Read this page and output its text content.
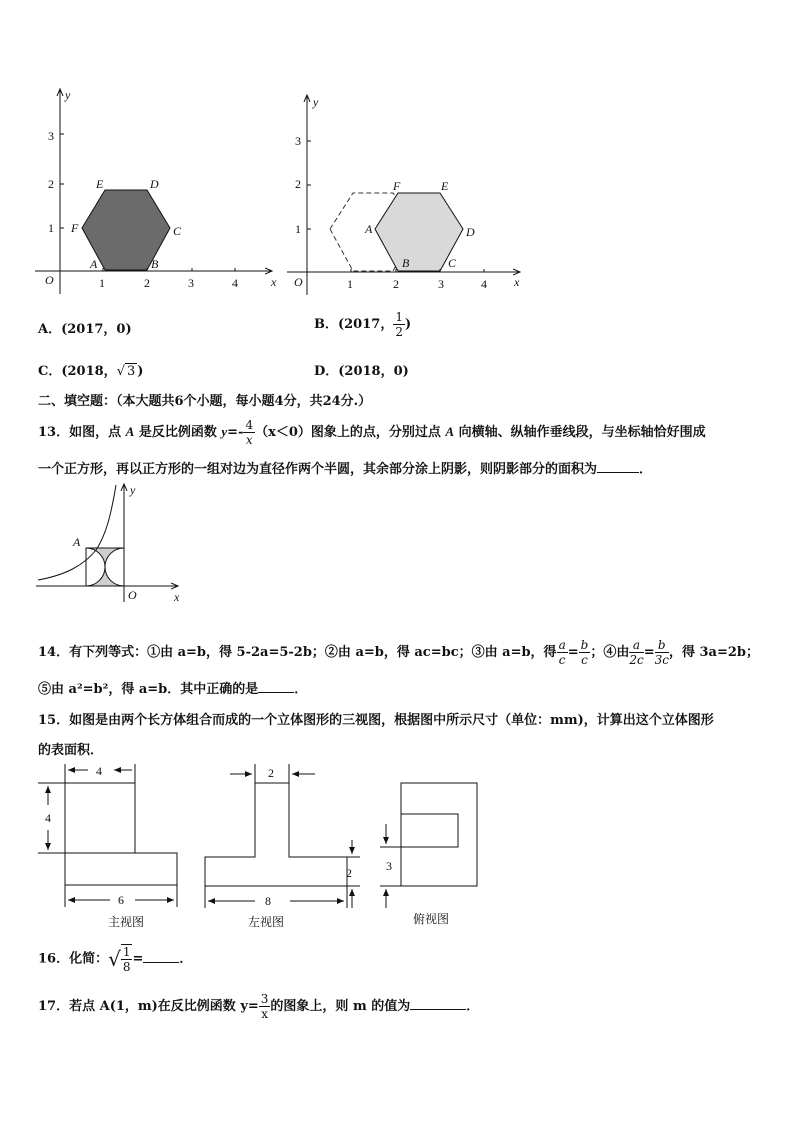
x
y
O	1	2	3	4
1
2
3
A	B
C
D
E
F
x
y
O	1	2	3	4
1
2
3
A
B	C
D
E
F
A．(2017，0)	B．(2017， $\frac{1}{2}$ )
C．(2018，√ 3 )	D．(2018，0)
二、填空题：（本大题共6个小题，每小题4分，共24分.）
13．如图，点 A 是反比例函数 $y=- \frac{4}{x} (x<0)$图象上的点，分别过点 A 向横轴、纵轴作垂线段，与坐标轴恰好围成
一个正方形，再以正方形的一组对边为直径作两个半圆，其余部分涂上阴影，则阴影部分的面积为	．
A
O	x
y
14．有下列等式：①由 a=b，得 5-2a=5-2b；②由 a=b，得 ac=bc；③由 a=b，得 $\frac{a}{c} = \frac{b}{c}$ ；④由 $\frac{a}{2c} = \frac{b}{3c}$ ，得 3a=2b；
⑤由 a²=b²，得 a=b．其中正确的是	．
15．如图是由两个长方体组合而成的一个立体图形的三视图，根据图中所示尺寸（单位：mm)，计算出这个立体图形
的表面积．
4
4
6
2
2
8
3
主视图	左视图	俯视图
16．化简：√ $\frac{1}{8}$ =	．
17．若点 A(1，m)在反比例函数 $y= \frac{3}{x}$ 的图象上，则 m 的值为	．
